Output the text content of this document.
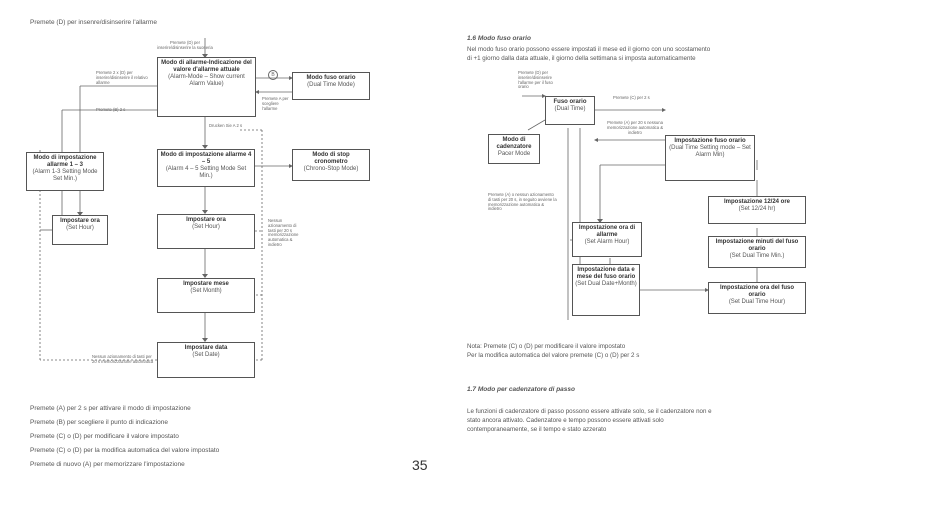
Premete (D) per insenre/disinserire l'allarme
Premete (D) per inserire/disinserire la suoneria
Premete 2 x (D) per inserire/disinserire il relativo allarme
Premete (B) 2 s
B
Premete A per scegliere l'allarme
Drucken Sie A 2 s
Nessun azionamento di tasti per 20 s memorizzazione automatica & indietro
Nessun azionamento di tasti per 20 s memorizzazione automatica
Modo di allarme-Indicazione del valore d'allarme attuale
(Alarm-Mode – Show current Alarm Value)
Modo fuso orario
(Dual Time Mode)
Modo di impostazione allarme 1 – 3
(Alarm 1-3 Setting Mode Set Min.)
Modo di impostazione allarme 4 – 5
(Alarm 4 – 5 Setting Mode Set Min.)
Modo di stop cronometro
(Chrono-Stop Mode)
Impostare ora
(Set Hour)
Impostare ora
(Set Hour)
Impostare mese
(Set Month)
Impostare data
(Set Date)
Premete (A) per 2 s per attivare il modo di impostazione
Premete (B) per scegliere il punto di indicazione
Premete (C) o (D) per modificare il valore impostato
Premete (C) o (D) per la modifica automatica del valore impostato
Premete di nuovo (A) per memorizzare l'impostazione	35
1.6 Modo fuso orario
Nel modo fuso orario possono essere impostati il mese ed il giorno con uno scostamento
di +1 giorno dalla data attuale, il giorno della settimana si imposta automaticamente
Premete (D) per inserire/disinserire l'allarme per il fuso orario
Premete (C) per 2 s
Premete (A) per 20 s nessuna memorizzazione automatica & indietro
Premete (A) o nessun azionamento di tasti per 20 s, in seguito avviene la memorizzazione automatica & indietro
Fuso orario
(Dual Time)
Modo di cadenzatore
Pacer Mode
Impostazione fuso orario
(Dual Time Setting mode – Set Alarm Min)
Impostazione ora di allarme
(Set Alarm Hour)
Impostazione data e mese del fuso orario
(Set Dual Date+Month)
Impostazione 12/24 ore
(Set 12/24 hr)
Impostazione minuti del fuso orario
(Set Dual Time Min.)
Impostazione ora del fuso orario
(Set Dual Time Hour)
Nota: Premete (C) o (D) per modificare il valore impostato
Per la modifica automatica del valore premete (C) o (D) per 2 s
1.7 Modo per cadenzatore di passo
Le funzioni di cadenzatore di passo possono essere attivate solo, se il cadenzatore non e
stato ancora attivato. Cadenzatore e tempo possono essere attivati solo
contemporaneamente, se il tempo e stato azzerato
